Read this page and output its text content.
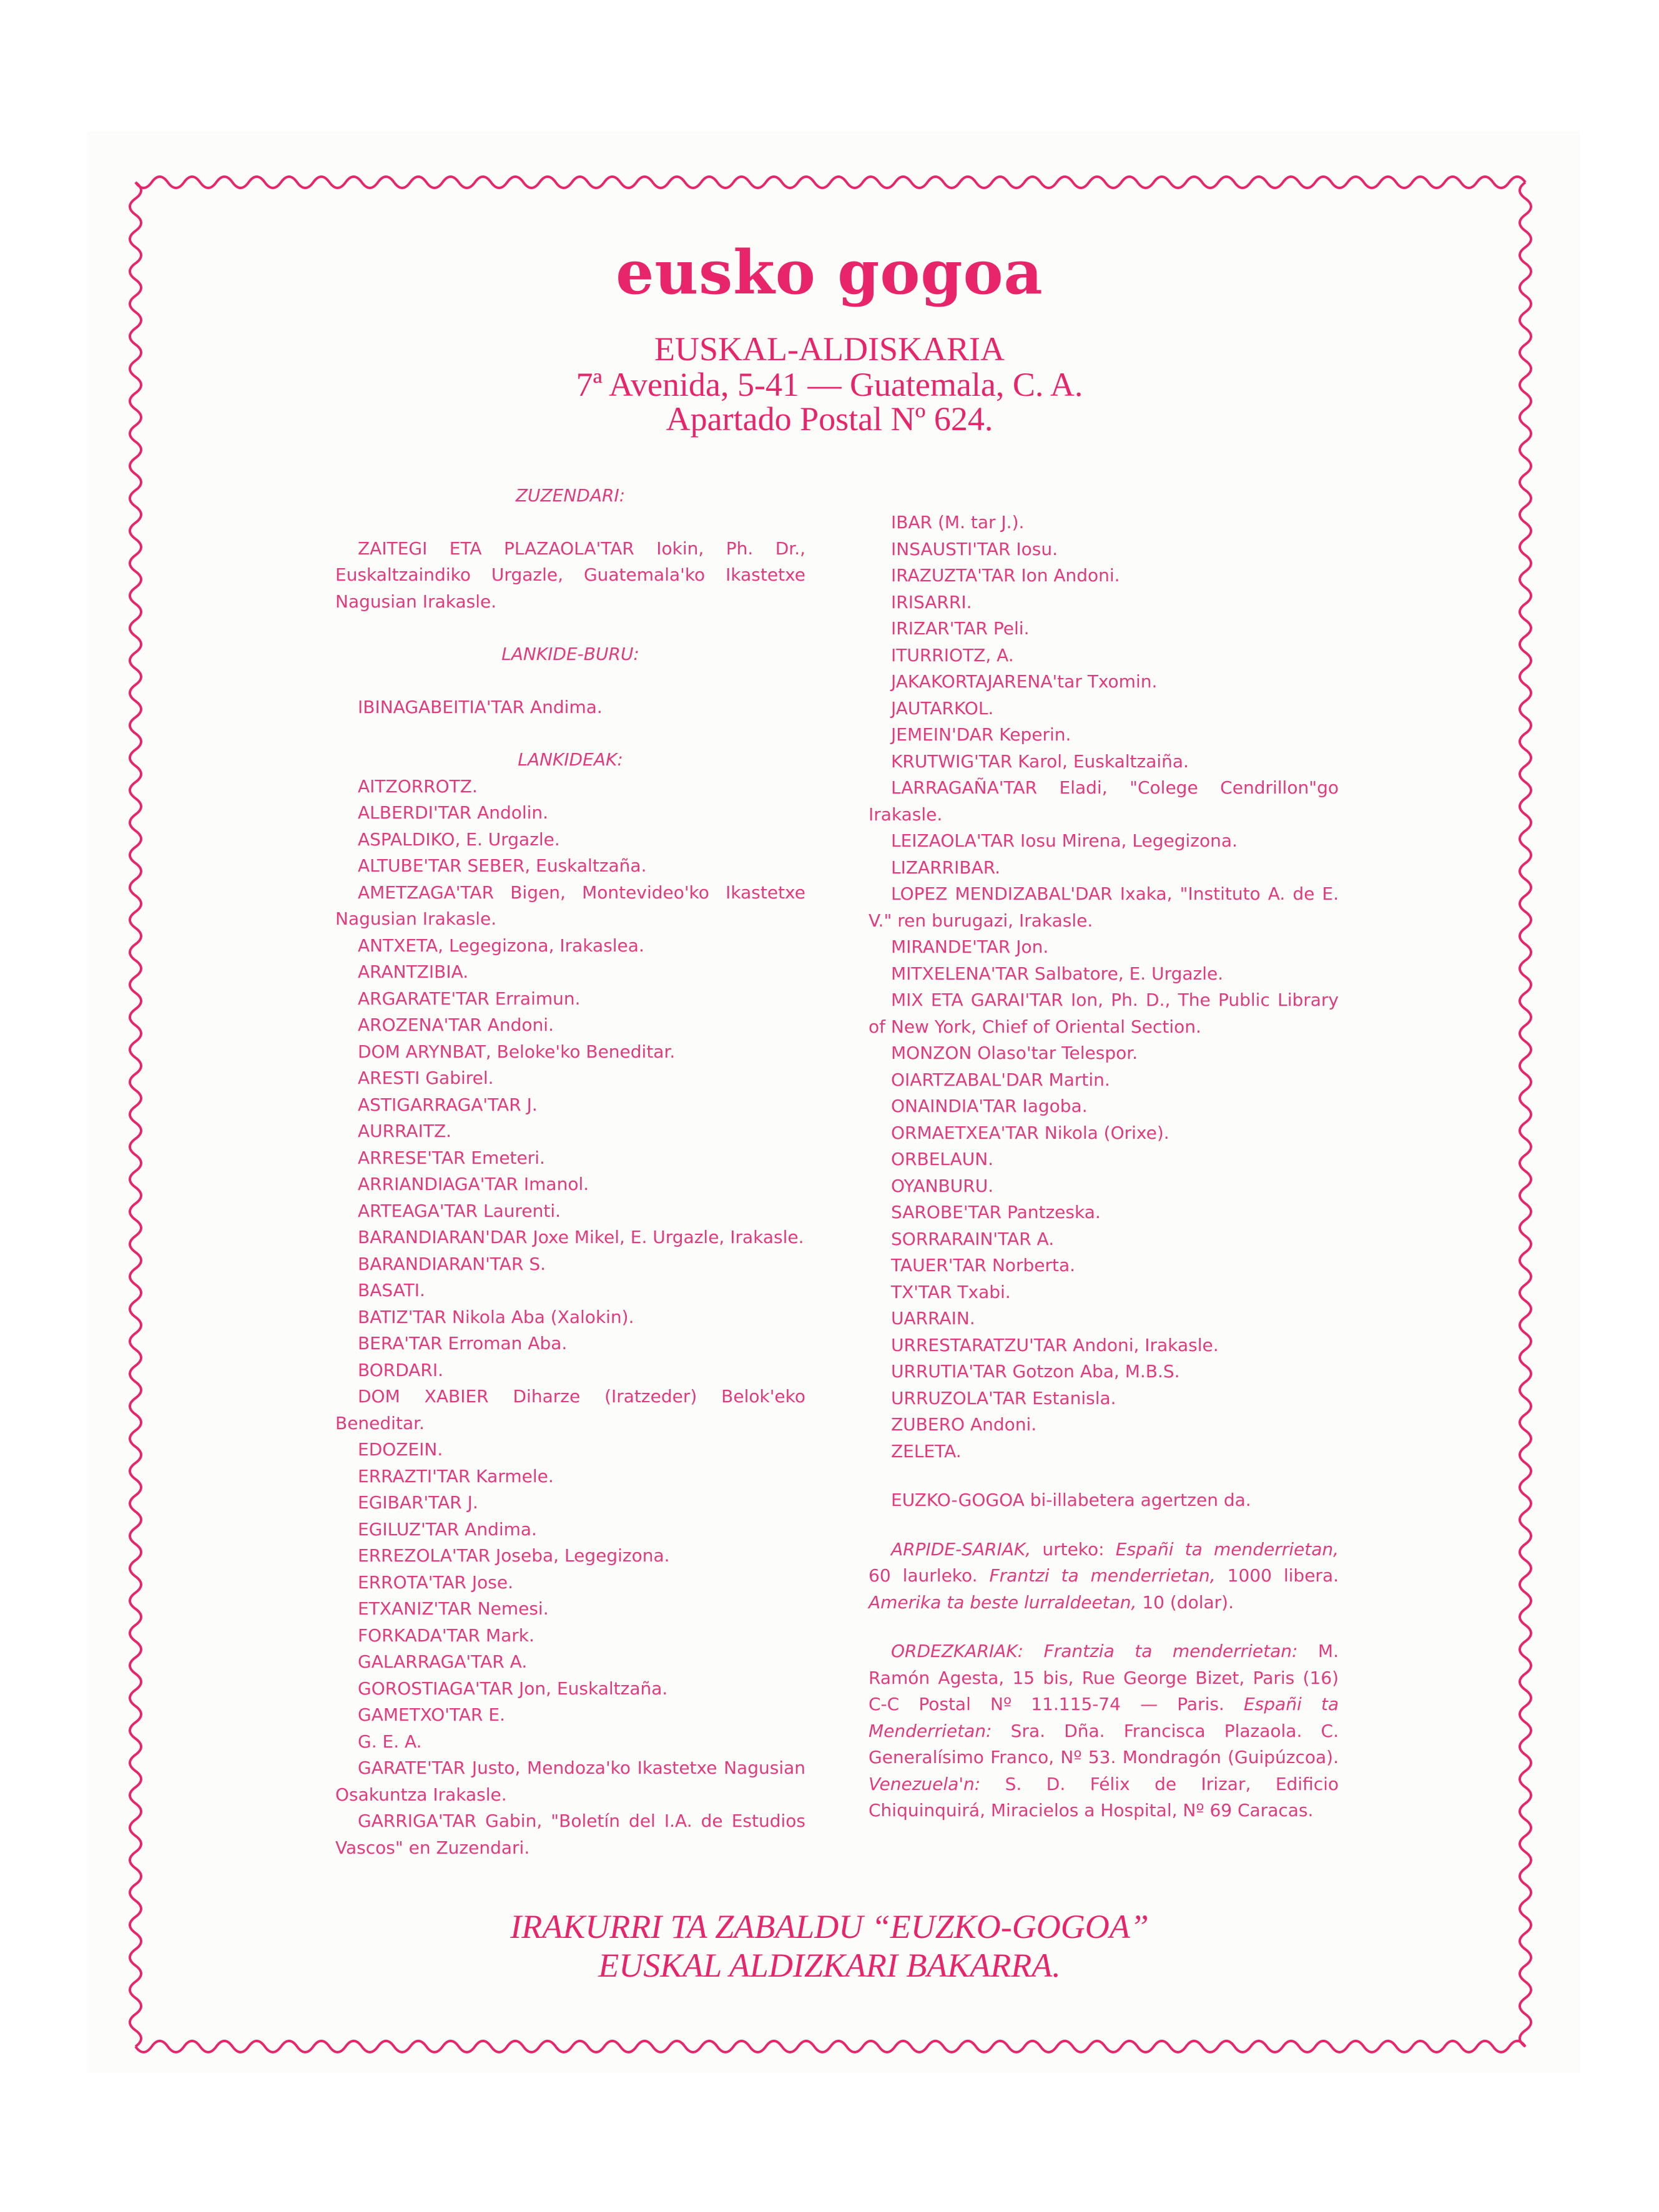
eusko gogoa
EUSKAL-ALDISKARIA
7ª Avenida, 5-41 — Guatemala, C. A.
Apartado Postal Nº 624.

ZUZENDARI:

ZAITEGI ETA PLAZAOLA'TAR Iokin, Ph. Dr., Euskaltzaindiko Urgazle, Guatemala'ko Ikastetxe Nagusian Irakasle.

LANKIDE-BURU:

IBINAGABEITIA'TAR Andima.

LANKIDEAK:

AITZORROTZ.

ALBERDI'TAR Andolin.

ASPALDIKO, E. Urgazle.

ALTUBE'TAR SEBER, Euskaltzaña.

AMETZAGA'TAR Bigen, Montevideo'ko Ikastetxe Nagusian Irakasle.

ANTXETA, Legegizona, Irakaslea.

ARANTZIBIA.

ARGARATE'TAR Erraimun.

AROZENA'TAR Andoni.

DOM ARYNBAT, Beloke'ko Beneditar.

ARESTI Gabirel.

ASTIGARRAGA'TAR J.

AURRAITZ.

ARRESE'TAR Emeteri.

ARRIANDIAGA'TAR Imanol.

ARTEAGA'TAR Laurenti.

BARANDIARAN'DAR Joxe Mikel, E. Urgazle, Irakasle.

BARANDIARAN'TAR S.

BASATI.

BATIZ'TAR Nikola Aba (Xalokin).

BERA'TAR Erroman Aba.

BORDARI.

DOM XABIER Diharze (Iratzeder) Belok'eko Beneditar.

EDOZEIN.

ERRAZTI'TAR Karmele.

EGIBAR'TAR J.

EGILUZ'TAR Andima.

ERREZOLA'TAR Joseba, Legegizona.

ERROTA'TAR Jose.

ETXANIZ'TAR Nemesi.

FORKADA'TAR Mark.

GALARRAGA'TAR A.

GOROSTIAGA'TAR Jon, Euskaltzaña.

GAMETXO'TAR E.

G. E. A.

GARATE'TAR Justo, Mendoza'ko Ikastetxe Nagusian Osakuntza Irakasle.

GARRIGA'TAR Gabin, "Boletín del I.A. de Estudios Vascos" en Zuzendari.

IBAR (M. tar J.).

INSAUSTI'TAR Iosu.

IRAZUZTA'TAR Ion Andoni.

IRISARRI.

IRIZAR'TAR Peli.

ITURRIOTZ, A.

JAKAKORTAJARENA'tar Txomin.

JAUTARKOL.

JEMEIN'DAR Keperin.

KRUTWIG'TAR Karol, Euskaltzaiña.

LARRAGAÑA'TAR Eladi, "Colege Cendrillon"go Irakasle.

LEIZAOLA'TAR Iosu Mirena, Legegizona.

LIZARRIBAR.

LOPEZ MENDIZABAL'DAR Ixaka, "Instituto A. de E. V." ren burugazi, Irakasle.

MIRANDE'TAR Jon.

MITXELENA'TAR Salbatore, E. Urgazle.

MIX ETA GARAI'TAR Ion, Ph. D., The Public Library of New York, Chief of Oriental Section.

MONZON Olaso'tar Telespor.

OIARTZABAL'DAR Martin.

ONAINDIA'TAR Iagoba.

ORMAETXEA'TAR Nikola (Orixe).

ORBELAUN.

OYANBURU.

SAROBE'TAR Pantzeska.

SORRARAIN'TAR A.

TAUER'TAR Norberta.

TX'TAR Txabi.

UARRAIN.

URRESTARATZU'TAR Andoni, Irakasle.

URRUTIA'TAR Gotzon Aba, M.B.S.

URRUZOLA'TAR Estanisla.

ZUBERO Andoni.

ZELETA.

EUZKO-GOGOA bi-illabetera agertzen da.

ARPIDE-SARIAK, urteko: Españi ta menderrietan, 60 laurleko. Frantzi ta menderrietan, 1000 libera. Amerika ta beste lurraldeetan, 10 (dolar).

ORDEZKARIAK: Frantzia ta menderrietan: M. Ramón Agesta, 15 bis, Rue George Bizet, Paris (16) C-C Postal Nº 11.115-74 — Paris. Españi ta Menderrietan: Sra. Dña. Francisca Plazaola. C. Generalísimo Franco, Nº 53. Mondragón (Guipúzcoa). Venezuela'n: S. D. Félix de Irizar, Edificio Chiquinquirá, Miracielos a Hospital, Nº 69 Caracas.

IRAKURRI TA ZABALDU “EUZKO-GOGOA”
EUSKAL ALDIZKARI BAKARRA.
